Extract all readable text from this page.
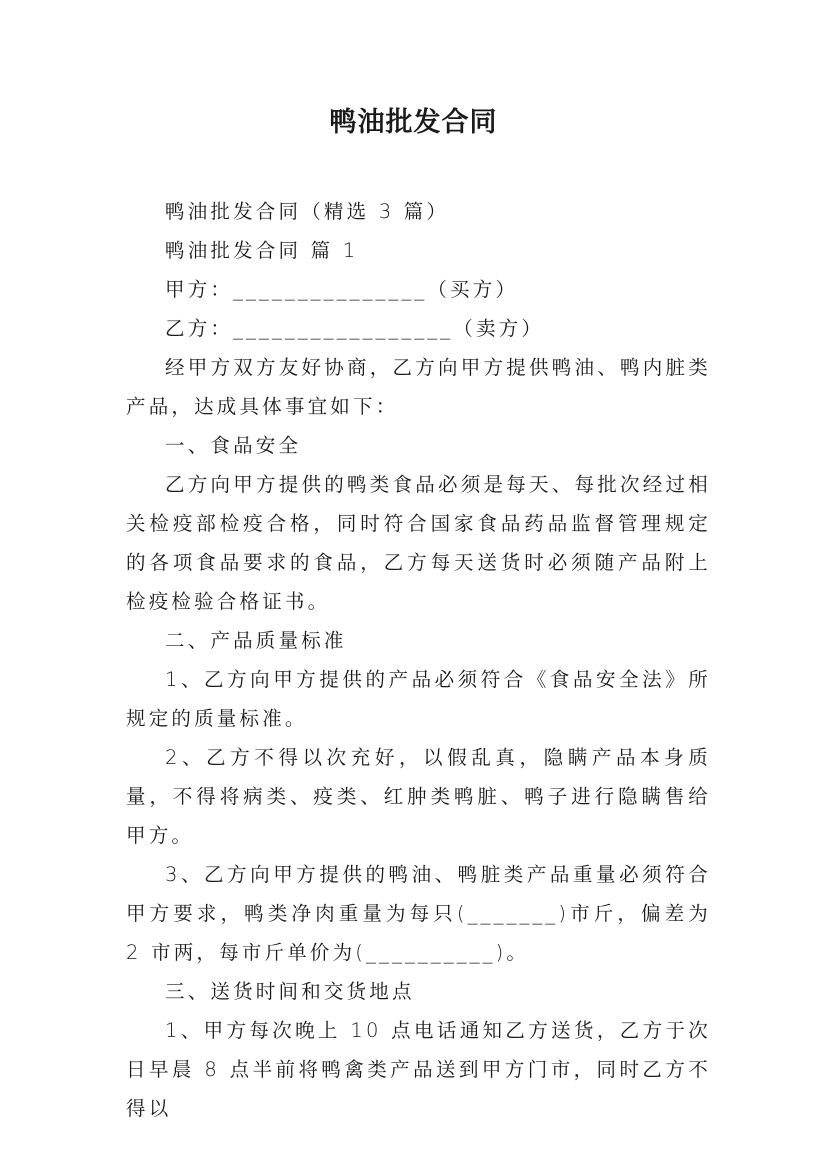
鸭油批发合同

鸭油批发合同（精选 3 篇）

鸭油批发合同 篇 1

甲方：_______________（买方）

乙方：_________________（卖方）

经甲方双方友好协商，乙方向甲方提供鸭油、鸭内脏类产品，达成具体事宜如下：

一、食品安全

乙方向甲方提供的鸭类食品必须是每天、每批次经过相关检疫部检疫合格，同时符合国家食品药品监督管理规定的各项食品要求的食品，乙方每天送货时必须随产品附上检疫检验合格证书。

二、产品质量标准

1、乙方向甲方提供的产品必须符合《食品安全法》所规定的质量标准。

2、乙方不得以次充好，以假乱真，隐瞒产品本身质量，不得将病类、疫类、红肿类鸭脏、鸭子进行隐瞒售给甲方。

3、乙方向甲方提供的鸭油、鸭脏类产品重量必须符合甲方要求，鸭类净肉重量为每只(_______)市斤，偏差为 2 市两，每市斤单价为(__________)。

三、送货时间和交货地点

1、甲方每次晚上 10 点电话通知乙方送货，乙方于次日早晨 8 点半前将鸭禽类产品送到甲方门市，同时乙方不得以
